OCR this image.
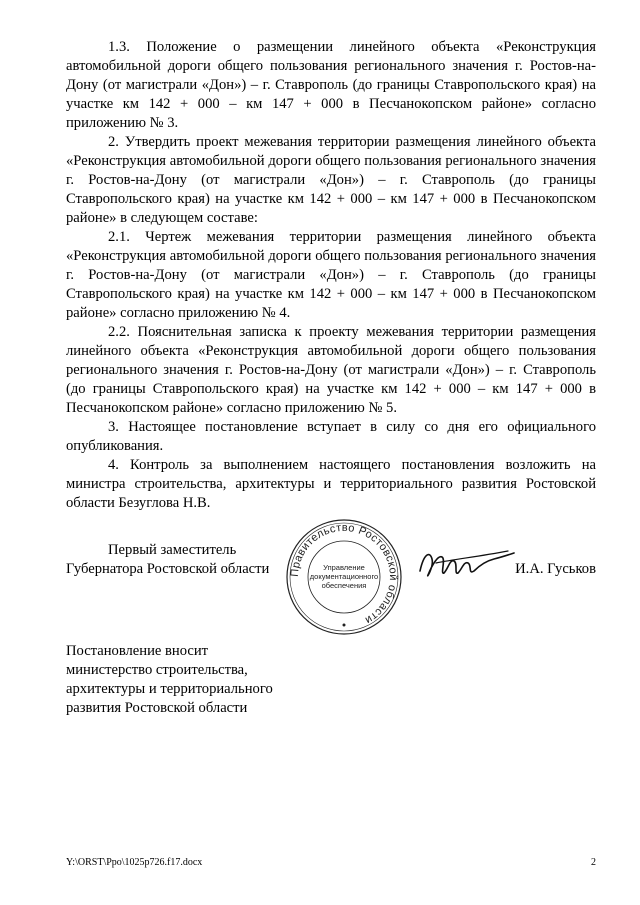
1.3. Положение о размещении линейного объекта «Реконструкция автомобильной дороги общего пользования регионального значения г. Ростов-на-Дону (от магистрали «Дон») – г. Ставрополь (до границы Ставропольского края) на участке км 142 + 000 – км 147 + 000 в Песчанокопском районе» согласно приложению № 3.

2. Утвердить проект межевания территории размещения линейного объекта «Реконструкция автомобильной дороги общего пользования регионального значения г. Ростов-на-Дону (от магистрали «Дон») – г. Ставрополь (до границы Ставропольского края) на участке км 142 + 000 – км 147 + 000 в Песчанокопском районе» в следующем составе:

2.1. Чертеж межевания территории размещения линейного объекта «Реконструкция автомобильной дороги общего пользования регионального значения г. Ростов-на-Дону (от магистрали «Дон») – г. Ставрополь (до границы Ставропольского края) на участке км 142 + 000 – км 147 + 000 в Песчанокопском районе» согласно приложению № 4.

2.2. Пояснительная записка к проекту межевания территории размещения линейного объекта «Реконструкция автомобильной дороги общего пользования регионального значения г. Ростов-на-Дону (от магистрали «Дон») – г. Ставрополь (до границы Ставропольского края) на участке км 142 + 000 – км 147 + 000 в Песчанокопском районе» согласно приложению № 5.

3. Настоящее постановление вступает в силу со дня его официального опубликования.

4. Контроль за выполнением настоящего постановления возложить на министра строительства, архитектуры и территориального развития Ростовской области Безуглова Н.В.

Первый заместитель
Губернатора Ростовской области Правительство Ростовской области
Управление
документационного
обеспечения
И.А. Гуськов
Постановление вносит
министерство строительства,
архитектуры и территориального
развития Ростовской области
Y:\ORST\Ppo\1025p726.f17.docx	2
